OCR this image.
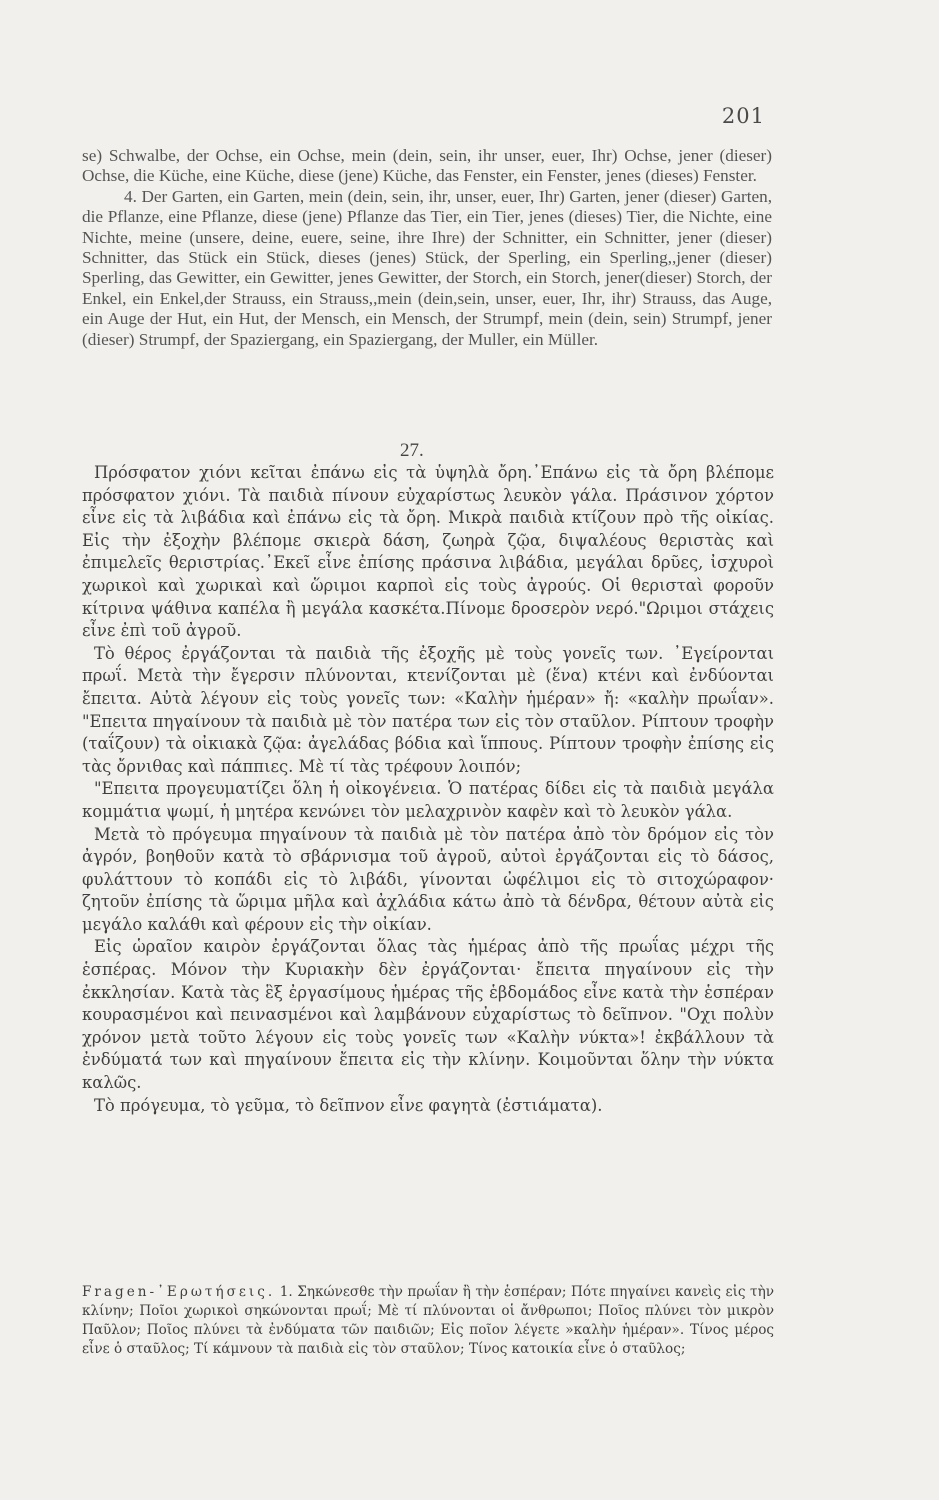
201

se) Schwalbe, der Ochse, ein Ochse, mein (dein, sein, ihr unser, euer, Ihr) Ochse, jener (dieser) Ochse, die Küche, eine Küche, diese (jene) Küche, das Fenster, ein Fenster, jenes (dieses) Fenster.

4. Der Garten, ein Garten, mein (dein, sein, ihr, unser, euer, Ihr) Garten, jener (dieser) Garten, die Pflanze, eine Pflanze, diese (jene) Pflanze das Tier, ein Tier, jenes (dieses) Tier, die Nichte, eine Nichte, meine (unsere, deine, euere, seine, ihre Ihre) der Schnitter, ein Schnitter, jener (dieser) Schnitter, das Stück ein Stück, dieses (jenes) Stück, der Sperling, ein Sperling,,jener (dieser) Sperling, das Gewitter, ein Gewitter, jenes Gewitter, der Storch, ein Storch, jener(dieser) Storch, der Enkel, ein Enkel,der Strauss, ein Strauss,,mein (dein,sein, unser, euer, Ihr, ihr) Strauss, das Auge, ein Auge der Hut, ein Hut, der Mensch, ein Mensch, der Strumpf, mein (dein, sein) Strumpf, jener (dieser) Strumpf, der Spaziergang, ein Spaziergang, der Muller, ein Müller.

27.

Πρόσφατον χιόνι κεῖται ἐπάνω εἰς τὰ ὑψηλὰ ὄρη.᾿Επάνω εἰς τὰ ὄρη βλέπομε πρόσφατον χιόνι. Τὰ παιδιὰ πίνουν εὐχαρίστως λευκὸν γάλα. Πράσινον χόρτον εἶνε εἰς τὰ λιβάδια καὶ ἐπάνω εἰς τὰ ὄρη. Μικρὰ παιδιὰ κτίζουν πρὸ τῆς οἰκίας. Εἰς τὴν ἐξοχὴν βλέπομε σκιερὰ δάση, ζωηρὰ ζῷα, διψαλέους θεριστὰς καὶ ἐπιμελεῖς θεριστρίας.᾿Εκεῖ εἶνε ἐπίσης πράσινα λιβάδια, μεγάλαι δρῦες, ἰσχυροὶ χωρικοὶ καὶ χωρικαὶ καὶ ὥριμοι καρποὶ εἰς τοὺς ἀγρούς. Οἱ θερισταὶ φοροῦν κίτρινα ψάθινα καπέλα ἢ μεγάλα κασκέτα.Πίνομε δροσερὸν νερό."Ωριμοι στάχεις εἶνε ἐπὶ τοῦ ἀγροῦ.

Τὸ θέρος ἐργάζονται τὰ παιδιὰ τῆς ἐξοχῆς μὲ τοὺς γονεῖς των. ᾿Εγείρονται πρωΐ. Μετὰ τὴν ἔγερσιν πλύνονται, κτενίζονται μὲ (ἕνα) κτένι καὶ ἐνδύονται ἔπειτα. Αὐτὰ λέγουν εἰς τοὺς γονεῖς των: «Καλὴν ἡμέραν» ἤ: «καλὴν πρωΐαν». "Επειτα πηγαίνουν τὰ παιδιὰ μὲ τὸν πατέρα των εἰς τὸν σταῦλον. Ρίπτουν τροφὴν (ταΐζουν) τὰ οἰκιακὰ ζῷα: ἀγελάδας βόδια καὶ ἵππους. Ρίπτουν τροφὴν ἐπίσης εἰς τὰς ὄρνιθας καὶ πάππιες. Μὲ τί τὰς τρέφουν λοιπόν;

"Επειτα προγευματίζει ὅλη ἡ οἰκογένεια. Ὁ πατέρας δίδει εἰς τὰ παιδιὰ μεγάλα κομμάτια ψωμί, ἡ μητέρα κενώνει τὸν μελαχρινὸν καφὲν καὶ τὸ λευκὸν γάλα.

Μετὰ τὸ πρόγευμα πηγαίνουν τὰ παιδιὰ μὲ τὸν πατέρα ἀπὸ τὸν δρόμον εἰς τὸν ἀγρόν, βοηθοῦν κατὰ τὸ σβάρνισμα τοῦ ἀγροῦ, αὐτοὶ ἐργάζονται εἰς τὸ δάσος, φυλάττουν τὸ κοπάδι εἰς τὸ λιβάδι, γίνονται ὠφέλιμοι εἰς τὸ σιτοχώραφον· ζητοῦν ἐπίσης τὰ ὥριμα μῆλα καὶ ἀχλάδια κάτω ἀπὸ τὰ δένδρα, θέτουν αὐτὰ εἰς μεγάλο καλάθι καὶ φέρουν εἰς τὴν οἰκίαν.

Εἰς ὡραῖον καιρὸν ἐργάζονται ὅλας τὰς ἡμέρας ἀπὸ τῆς πρωΐας μέχρι τῆς ἑσπέρας. Μόνον τὴν Κυριακὴν δὲν ἐργάζονται· ἔπειτα πηγαίνουν εἰς τὴν ἐκκλησίαν. Κατὰ τὰς ἓξ ἐργασίμους ἡμέρας τῆς ἑβδομάδος εἶνε κατὰ τὴν ἑσπέραν κουρασμένοι καὶ πεινασμένοι καὶ λαμβάνουν εὐχαρίστως τὸ δεῖπνον. "Οχι πολὺν χρόνον μετὰ τοῦτο λέγουν εἰς τοὺς γονεῖς των «Καλὴν νύκτα»! ἐκβάλλουν τὰ ἐνδύματά των καὶ πηγαίνουν ἔπειτα εἰς τὴν κλίνην. Κοιμοῦνται ὅλην τὴν νύκτα καλῶς.

Τὸ πρόγευμα, τὸ γεῦμα, τὸ δεῖπνον εἶνε φαγητὰ (ἐστιάματα).

Fragen-᾿Ερωτήσεις. 1. Σηκώνεσθε τὴν πρωΐαν ἢ τὴν ἑσπέραν; Πότε πηγαίνει κανεὶς εἰς τὴν κλίνην; Ποῖοι χωρικοὶ σηκώνονται πρωΐ; Μὲ τί πλύνονται οἱ ἄνθρωποι; Ποῖος πλύνει τὸν μικρὸν Παῦλον; Ποῖος πλύνει τὰ ἐνδύματα τῶν παιδιῶν; Εἰς ποῖον λέγετε »καλὴν ἡμέραν». Τίνος μέρος εἶνε ὁ σταῦλος; Τί κάμνουν τὰ παιδιὰ εἰς τὸν σταῦλον; Τίνος κατοικία εἶνε ὁ σταῦλος;
